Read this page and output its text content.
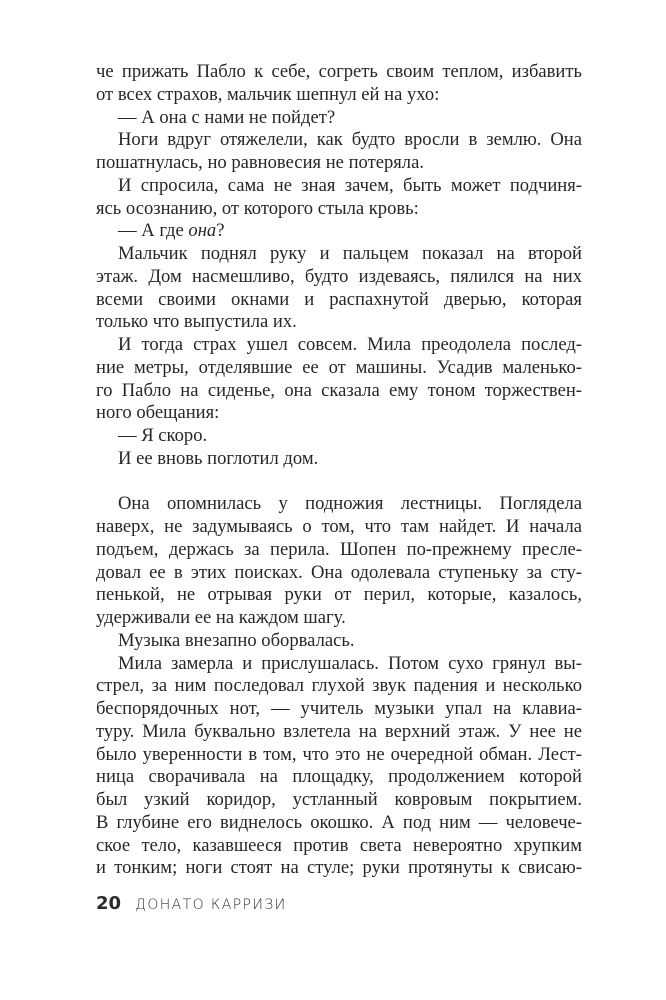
че прижать Пабло к себе, согреть своим теплом, избавить
от всех страхов, мальчик шепнул ей на ухо:
— А она с нами не пойдет?
Ноги вдруг отяжелели, как будто вросли в землю. Она
пошатнулась, но равновесия не потеряла.
И спросила, сама не зная зачем, быть может подчиня-
ясь осознанию, от которого стыла кровь:
— А где она?
Мальчик поднял руку и пальцем показал на второй
этаж. Дом насмешливо, будто издеваясь, пялился на них
всеми своими окнами и распахнутой дверью, которая
только что выпустила их.
И тогда страх ушел совсем. Мила преодолела послед-
ние метры, отделявшие ее от машины. Усадив маленько-
го Пабло на сиденье, она сказала ему тоном торжествен-
ного обещания:
— Я скоро.
И ее вновь поглотил дом.
Она опомнилась у подножия лестницы. Поглядела
наверх, не задумываясь о том, что там найдет. И начала
подъем, держась за перила. Шопен по-прежнему пресле-
довал ее в этих поисках. Она одолевала ступеньку за сту-
пенькой, не отрывая руки от перил, которые, казалось,
удерживали ее на каждом шагу.
Музыка внезапно оборвалась.
Мила замерла и прислушалась. Потом сухо грянул вы-
стрел, за ним последовал глухой звук падения и несколько
беспорядочных нот, — учитель музыки упал на клавиа-
туру. Мила буквально взлетела на верхний этаж. У нее не
было уверенности в том, что это не очередной обман. Лест-
ница сворачивала на площадку, продолжением которой
был узкий коридор, устланный ковровым покрытием.
В глубине его виднелось окошко. А под ним — человече-
ское тело, казавшееся против света невероятно хрупким
и тонким; ноги стоят на стуле; руки протянуты к свисаю-
20 ДОНАТО КАРРИЗИ
